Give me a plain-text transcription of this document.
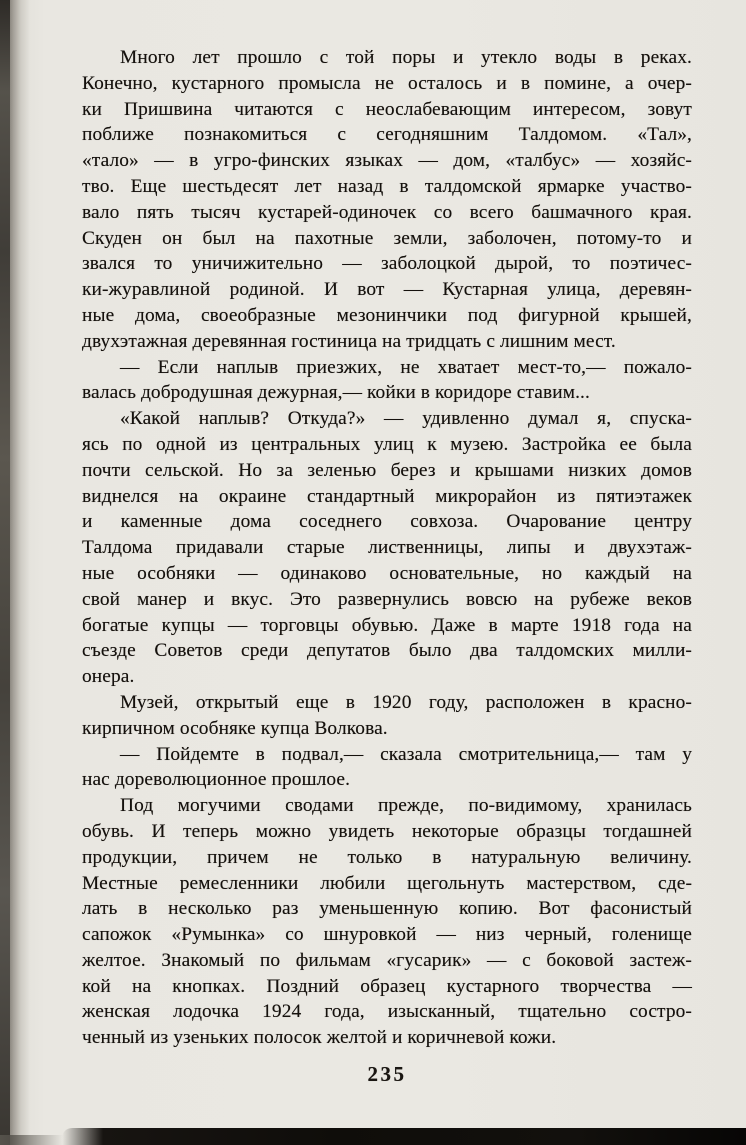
Много лет прошло с той поры и утекло воды в реках.
Конечно, кустарного промысла не осталось и в помине, а очер-
ки Пришвина читаются с неослабевающим интересом, зовут
поближе познакомиться с сегодняшним Талдомом. «Тал»,
«тало» — в угро-финских языках — дом, «талбус» — хозяйс-
тво. Еще шестьдесят лет назад в талдомской ярмарке участво-
вало пять тысяч кустарей-одиночек со всего башмачного края.
Скуден он был на пахотные земли, заболочен, потому-то и
звался то уничижительно — заболоцкой дырой, то поэтичес-
ки-журавлиной родиной. И вот — Кустарная улица, деревян-
ные дома, своеобразные мезонинчики под фигурной крышей,
двухэтажная деревянная гостиница на тридцать с лишним мест.
— Если наплыв приезжих, не хватает мест-то,— пожало-
валась добродушная дежурная,— койки в коридоре ставим...
«Какой наплыв? Откуда?» — удивленно думал я, спуска-
ясь по одной из центральных улиц к музею. Застройка ее была
почти сельской. Но за зеленью берез и крышами низких домов
виднелся на окраине стандартный микрорайон из пятиэтажек
и каменные дома соседнего совхоза. Очарование центру
Талдома придавали старые лиственницы, липы и двухэтаж-
ные особняки — одинаково основательные, но каждый на
свой манер и вкус. Это развернулись вовсю на рубеже веков
богатые купцы — торговцы обувью. Даже в марте 1918 года на
съезде Советов среди депутатов было два талдомских милли-
онера.
Музей, открытый еще в 1920 году, расположен в красно-
кирпичном особняке купца Волкова.
— Пойдемте в подвал,— сказала смотрительница,— там у
нас дореволюционное прошлое.
Под могучими сводами прежде, по-видимому, хранилась
обувь. И теперь можно увидеть некоторые образцы тогдашней
продукции, причем не только в натуральную величину.
Местные ремесленники любили щегольнуть мастерством, сде-
лать в несколько раз уменьшенную копию. Вот фасонистый
сапожок «Румынка» со шнуровкой — низ черный, голенище
желтое. Знакомый по фильмам «гусарик» — с боковой застеж-
кой на кнопках. Поздний образец кустарного творчества —
женская лодочка 1924 года, изысканный, тщательно состро-
ченный из узеньких полосок желтой и коричневой кожи.
235
